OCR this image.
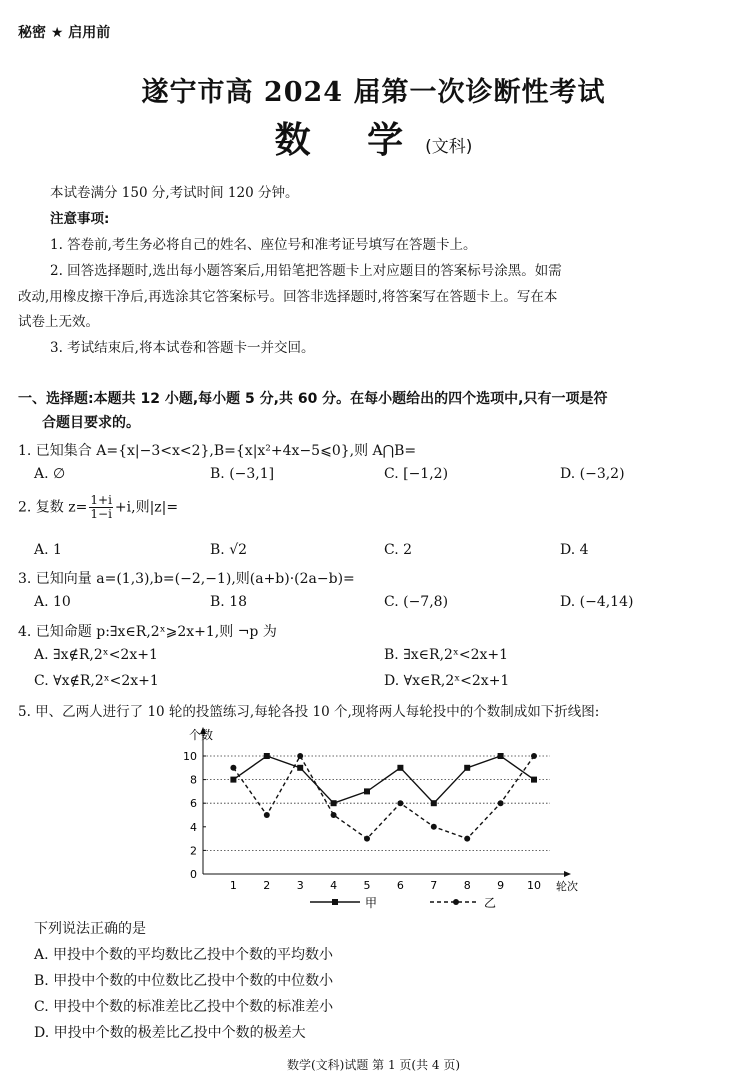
秘密 ★ 启用前
遂宁市高 2024 届第一次诊断性考试
数 学(文科)
本试卷满分 150 分,考试时间 120 分钟。
注意事项:
1. 答卷前,考生务必将自己的姓名、座位号和准考证号填写在答题卡上。
2. 回答选择题时,选出每小题答案后,用铅笔把答题卡上对应题目的答案标号涂黑。如需
改动,用橡皮擦干净后,再选涂其它答案标号。回答非选择题时,将答案写在答题卡上。写在本
试卷上无效。
3. 考试结束后,将本试卷和答题卡一并交回。
一、选择题:本题共 12 小题,每小题 5 分,共 60 分。在每小题给出的四个选项中,只有一项是符
合题目要求的。
1. 已知集合 A={x|−3<x<2},B={x|x²+4x−5⩽0},则 A⋂B=
A. ∅	B. (−3,1]	C. [−1,2)	D. (−3,2)
2. 复数 $z= \frac{1+i}{1-i} +i$,则|z|=
A. 1	B. √2	C. 2	D. 4
3. 已知向量 a=(1,3),b=(−2,−1),则(a+b)·(2a−b)=
A. 10	B. 18	C. (−7,8)	D. (−4,14)
4. 已知命题 p:∃x∈R,2ˣ⩾2x+1,则 ¬p 为
A. ∃x∉R,2ˣ<2x+1	B. ∃x∈R,2ˣ<2x+1
C. ∀x∉R,2ˣ<2x+1	D. ∀x∈R,2ˣ<2x+1
5. 甲、乙两人进行了 10 轮的投篮练习,每轮各投 10 个,现将两人每轮投中的个数制成如下折线图:
个数
轮次
0
2
4
6
8
10
1 2 3 4 5 6 7 8 9 10
甲	乙
下列说法正确的是
A. 甲投中个数的平均数比乙投中个数的平均数小
B. 甲投中个数的中位数比乙投中个数的中位数小
C. 甲投中个数的标准差比乙投中个数的标准差小
D. 甲投中个数的极差比乙投中个数的极差大
数学(文科)试题 第 1 页(共 4 页)
